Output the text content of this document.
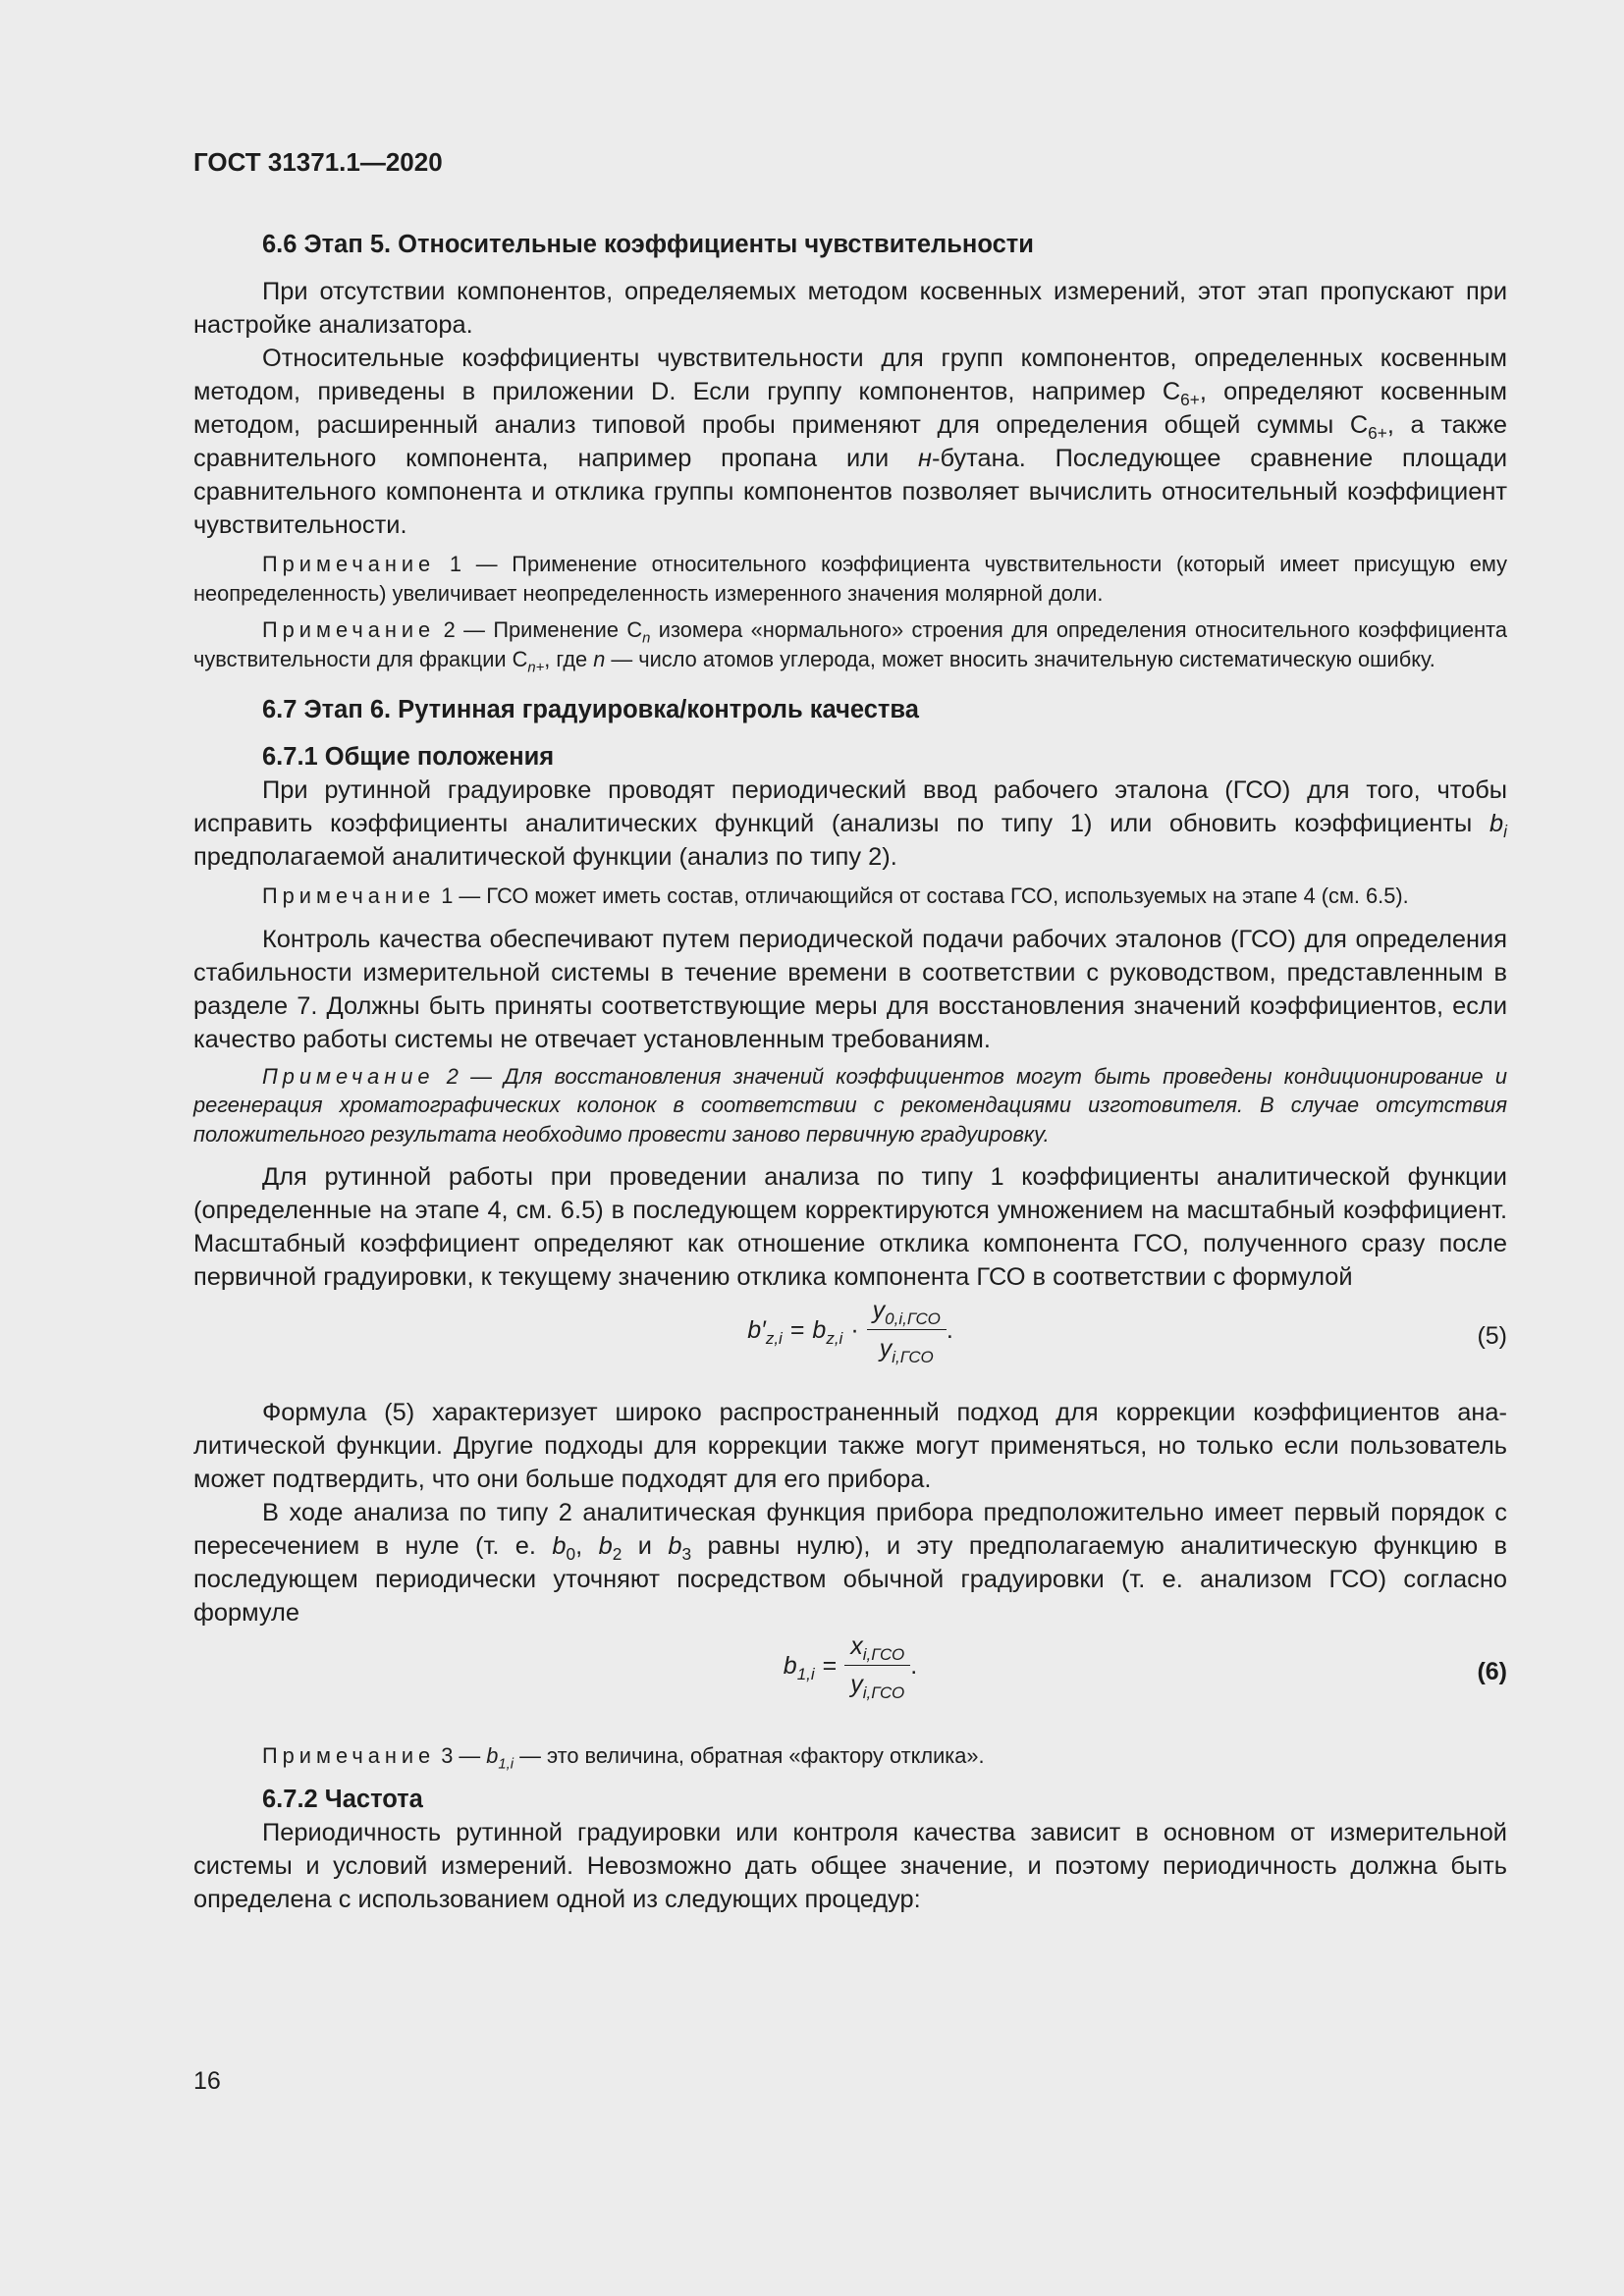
ГОСТ 31371.1—2020
6.6 Этап 5. Относительные коэффициенты чувствительности

При отсутствии компонентов, определяемых методом косвенных измерений, этот этап пропускают при настройке анализатора.

Относительные коэффициенты чувствительности для групп компонентов, определенных косвенным методом, приведены в приложении D. Если группу компонентов, например $C_{6+}$, определяют косвенным методом, расширенный анализ типовой пробы применяют для определения общей суммы $C_{6+}$, а также сравнительного компонента, например пропана или н-бутана. Последующее сравнение площади сравнительного компонента и отклика группы компонентов позволяет вычислить относительный коэффициент чувствительности.

Примечание 1 — Применение относительного коэффициента чувствительности (который имеет присущую ему неопределенность) увеличивает неопределенность измеренного значения молярной доли.

Примечание 2 — Применение $C_n$ изомера «нормального» строения для определения относительного коэффициента чувствительности для фракции $C_{n+}$, где n — число атомов углерода, может вносить значительную систематическую ошибку.

6.7 Этап 6. Рутинная градуировка/контроль качества
6.7.1 Общие положения

При рутинной градуировке проводят периодический ввод рабочего эталона (ГСО) для того, чтобы исправить коэффициенты аналитических функций (анализы по типу 1) или обновить коэффициенты $b_i$ предполагаемой аналитической функции (анализ по типу 2).

Примечание 1 — ГСО может иметь состав, отличающийся от состава ГСО, используемых на этапе 4 (см. 6.5).

Контроль качества обеспечивают путем периодической подачи рабочих эталонов (ГСО) для определения стабильности измерительной системы в течение времени в соответствии с руководством, представленным в разделе 7. Должны быть приняты соответствующие меры для восстановления значений коэффициентов, если качество работы системы не отвечает установленным требованиям.

Примечание 2 — Для восстановления значений коэффициентов могут быть проведены кондиционирование и регенерация хроматографических колонок в соответствии с рекомендациями изготовителя. В случае отсутствия положительного результата необходимо провести заново первичную градуировку.

Для рутинной работы при проведении анализа по типу 1 коэффициенты аналитической функции (определенные на этапе 4, см. 6.5) в последующем корректируются умножением на масштабный коэффициент. Масштабный коэффициент определяют как отношение отклика компонента ГСО, полученного сразу после первичной градуировки, к текущему значению отклика компонента ГСО в соответствии с формулой

$b'_{z,i} = b_{z,i} \cdot \frac{y_{0,i,ГСО}}{y_{i,ГСО}}$ .	(5)

Формула (5) характеризует широко распространенный подход для коррекции коэффициентов аналитической функции. Другие подходы для коррекции также могут применяться, но только если пользователь может подтвердить, что они больше подходят для его прибора.

В ходе анализа по типу 2 аналитическая функция прибора предположительно имеет первый порядок с пересечением в нуле (т. е. $b_0$, $b_2$ и $b_3$ равны нулю), и эту предполагаемую аналитическую функцию в последующем периодически уточняют посредством обычной градуировки (т. е. анализом ГСО) согласно формуле

$b_{1,i} = \frac{x_{i,ГСО}}{y_{i,ГСО}}$ .	(6)

Примечание 3 — $b_{1,i}$ — это величина, обратная «фактору отклика».

6.7.2 Частота

Периодичность рутинной градуировки или контроля качества зависит в основном от измерительной системы и условий измерений. Невозможно дать общее значение, и поэтому периодичность должна быть определена с использованием одной из следующих процедур:

16
